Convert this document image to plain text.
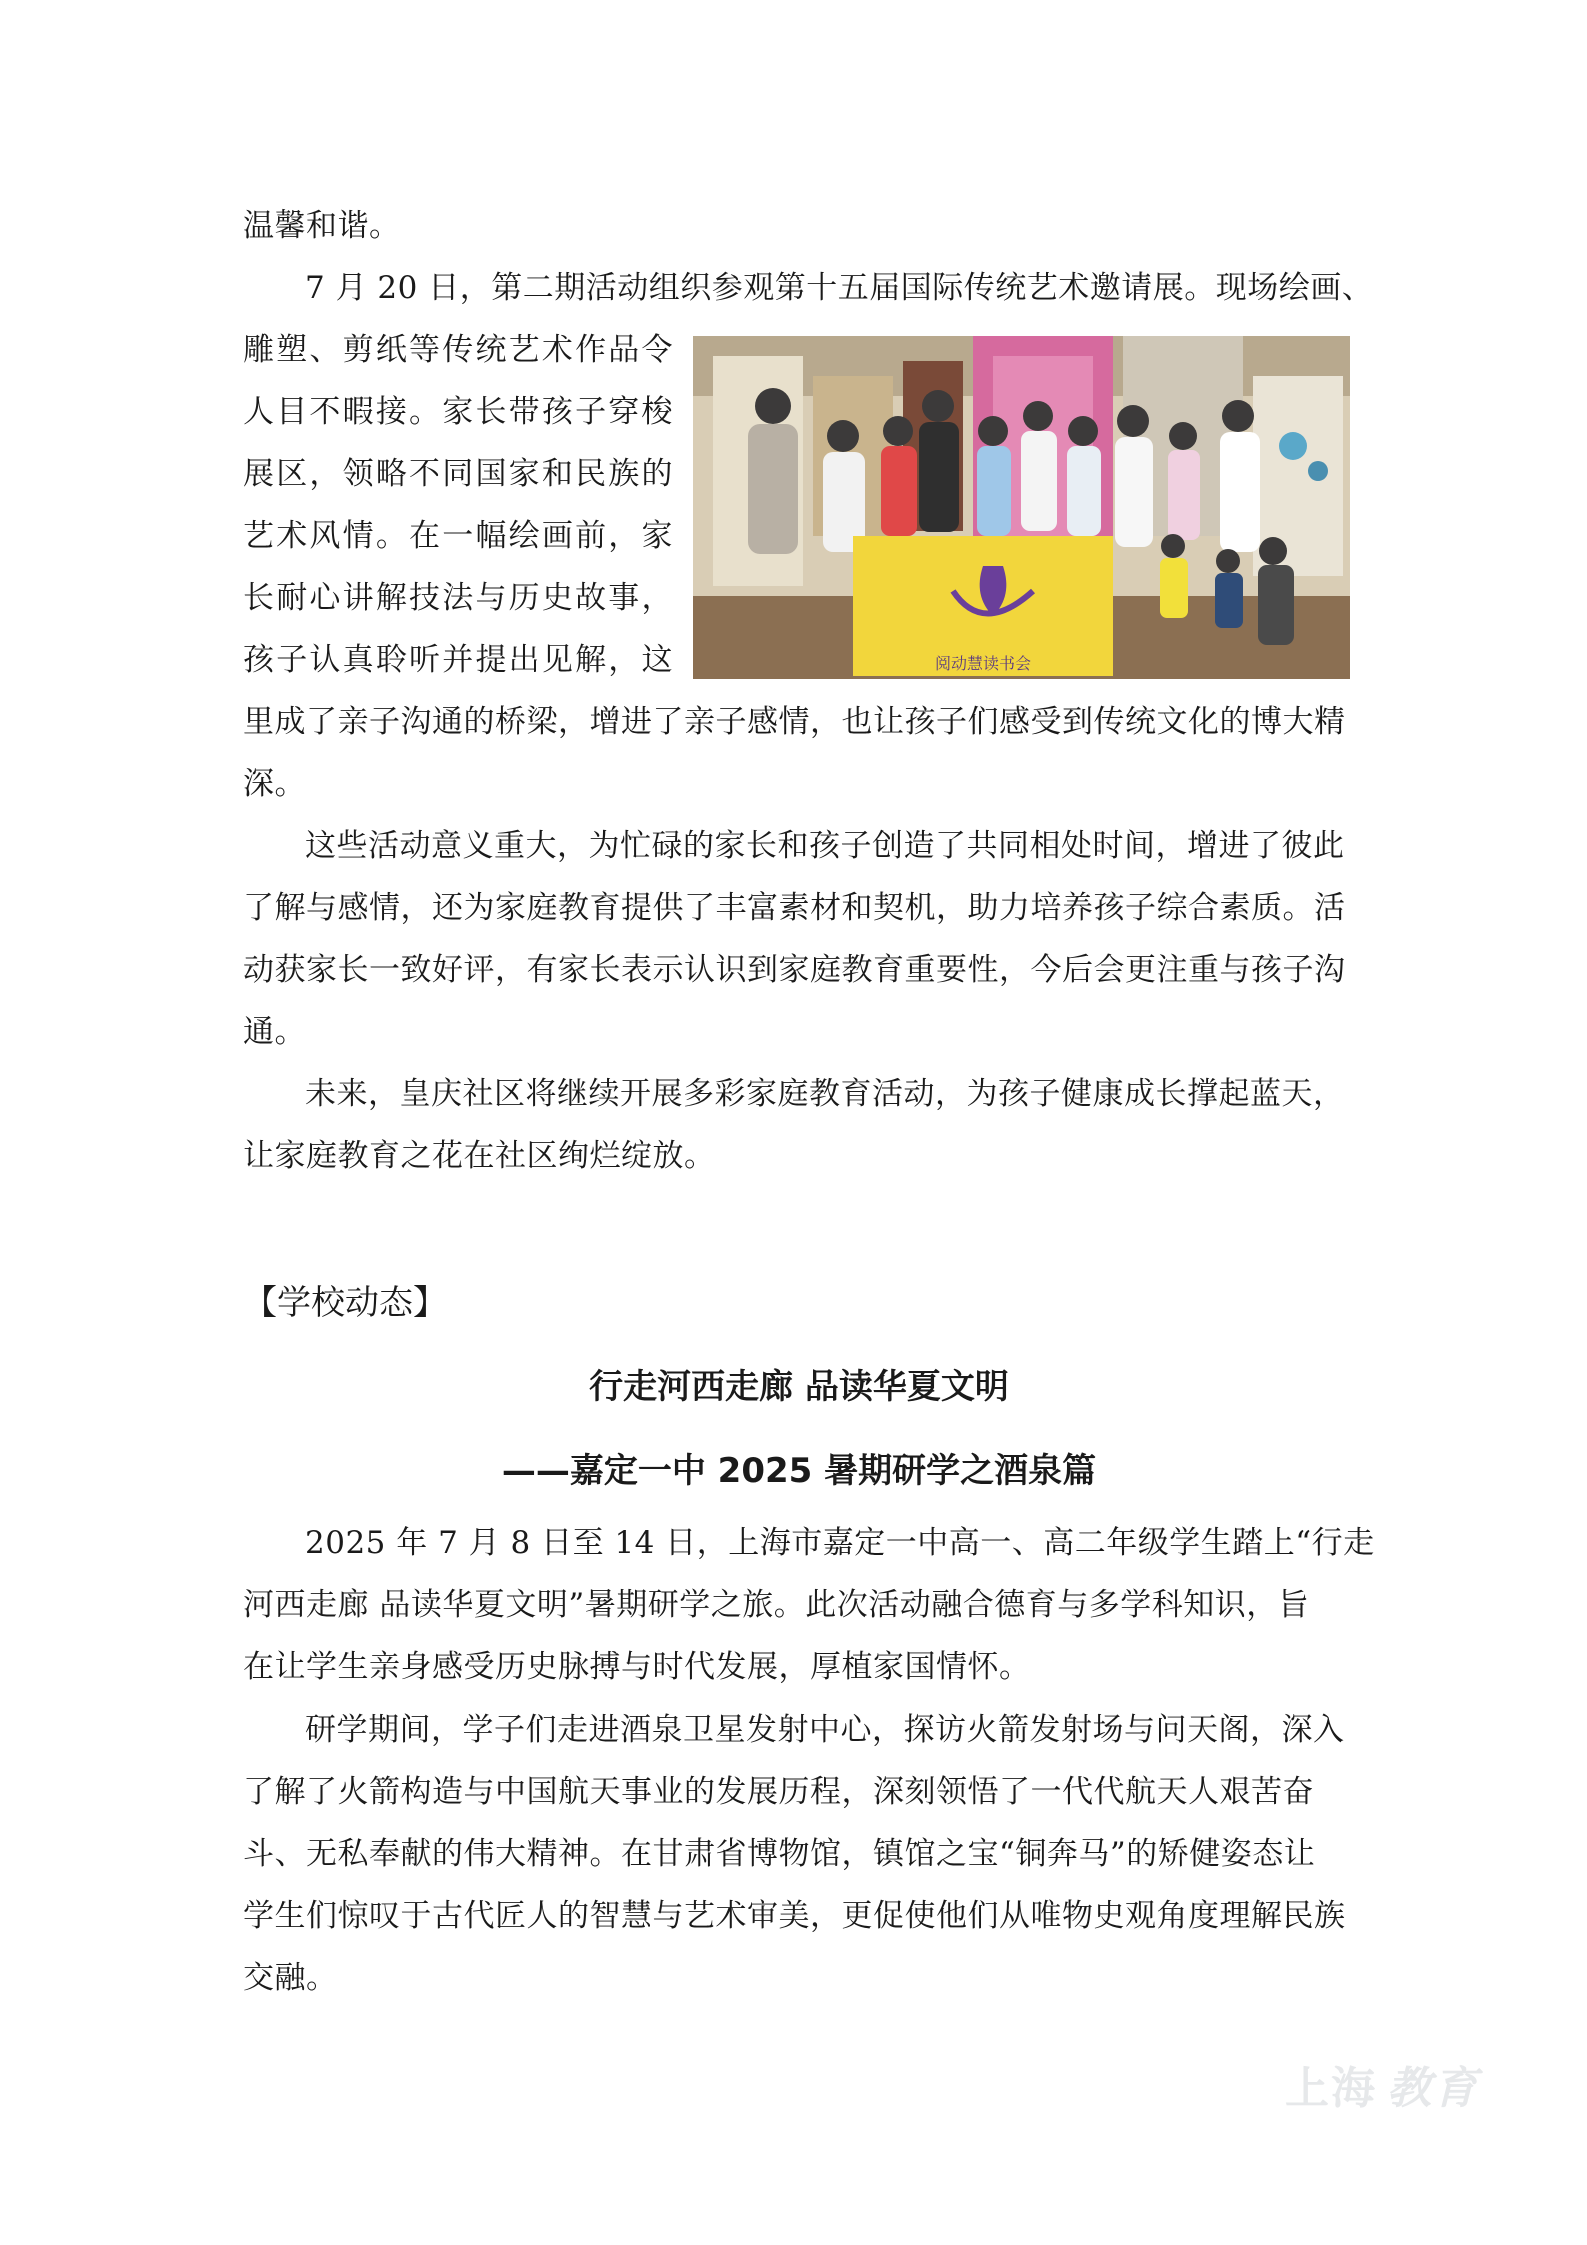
温馨和谐。

7 月 20 日，第二期活动组织参观第十五届国际传统艺术邀请展。现场绘画、

雕塑、剪纸等传统艺术作品令

人目不暇接。家长带孩子穿梭

展区，领略不同国家和民族的

艺术风情。在一幅绘画前，家

长耐心讲解技法与历史故事，

孩子认真聆听并提出见解，这	阅动慧读书会

里成了亲子沟通的桥梁，增进了亲子感情，也让孩子们感受到传统文化的博大精

深。

这些活动意义重大，为忙碌的家长和孩子创造了共同相处时间，增进了彼此

了解与感情，还为家庭教育提供了丰富素材和契机，助力培养孩子综合素质。活

动获家长一致好评，有家长表示认识到家庭教育重要性，今后会更注重与孩子沟

通。

未来，皇庆社区将继续开展多彩家庭教育活动，为孩子健康成长撑起蓝天，

让家庭教育之花在社区绚烂绽放。

【学校动态】
行走河西走廊 品读华夏文明
——嘉定一中 2025 暑期研学之酒泉篇

2025 年 7 月 8 日至 14 日，上海市嘉定一中高一、高二年级学生踏上“行走

河西走廊 品读华夏文明”暑期研学之旅。此次活动融合德育与多学科知识，旨

在让学生亲身感受历史脉搏与时代发展，厚植家国情怀。

研学期间，学子们走进酒泉卫星发射中心，探访火箭发射场与问天阁，深入

了解了火箭构造与中国航天事业的发展历程，深刻领悟了一代代航天人艰苦奋

斗、无私奉献的伟大精神。在甘肃省博物馆，镇馆之宝“铜奔马”的矫健姿态让

学生们惊叹于古代匠人的智慧与艺术审美，更促使他们从唯物史观角度理解民族

交融。

上海 教育
